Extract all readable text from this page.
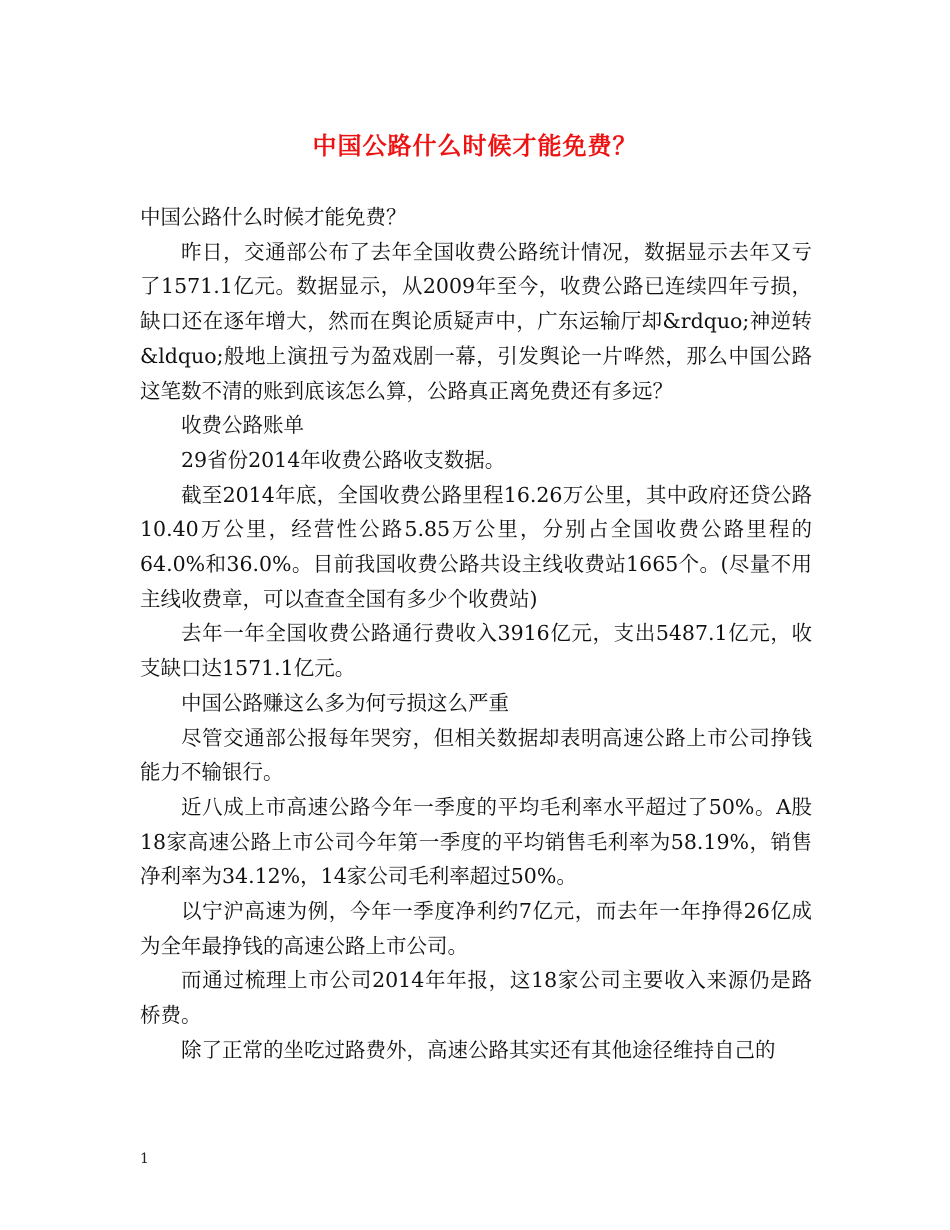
中国公路什么时候才能免费？

中国公路什么时候才能免费？

昨日，交通部公布了去年全国收费公路统计情况，数据显示去年又亏了1571.1亿元。数据显示，从2009年至今，收费公路已连续四年亏损，缺口还在逐年增大，然而在舆论质疑声中，广东运输厅却&rdquo;神逆转&ldquo;般地上演扭亏为盈戏剧一幕，引发舆论一片哗然，那么中国公路这笔数不清的账到底该怎么算，公路真正离免费还有多远？

收费公路账单

29省份2014年收费公路收支数据。

截至2014年底，全国收费公路里程16.26万公里，其中政府还贷公路10.40万公里，经营性公路5.85万公里，分别占全国收费公路里程的64.0%和36.0%。目前我国收费公路共设主线收费站1665个。(尽量不用主线收费章，可以查查全国有多少个收费站)

去年一年全国收费公路通行费收入3916亿元，支出5487.1亿元，收支缺口达1571.1亿元。

中国公路赚这么多为何亏损这么严重

尽管交通部公报每年哭穷，但相关数据却表明高速公路上市公司挣钱能力不输银行。

近八成上市高速公路今年一季度的平均毛利率水平超过了50%。A股18家高速公路上市公司今年第一季度的平均销售毛利率为58.19%，销售净利率为34.12%，14家公司毛利率超过50%。

以宁沪高速为例，今年一季度净利约7亿元，而去年一年挣得26亿成为全年最挣钱的高速公路上市公司。

而通过梳理上市公司2014年年报，这18家公司主要收入来源仍是路桥费。

除了正常的坐吃过路费外，高速公路其实还有其他途径维持自己的

1
